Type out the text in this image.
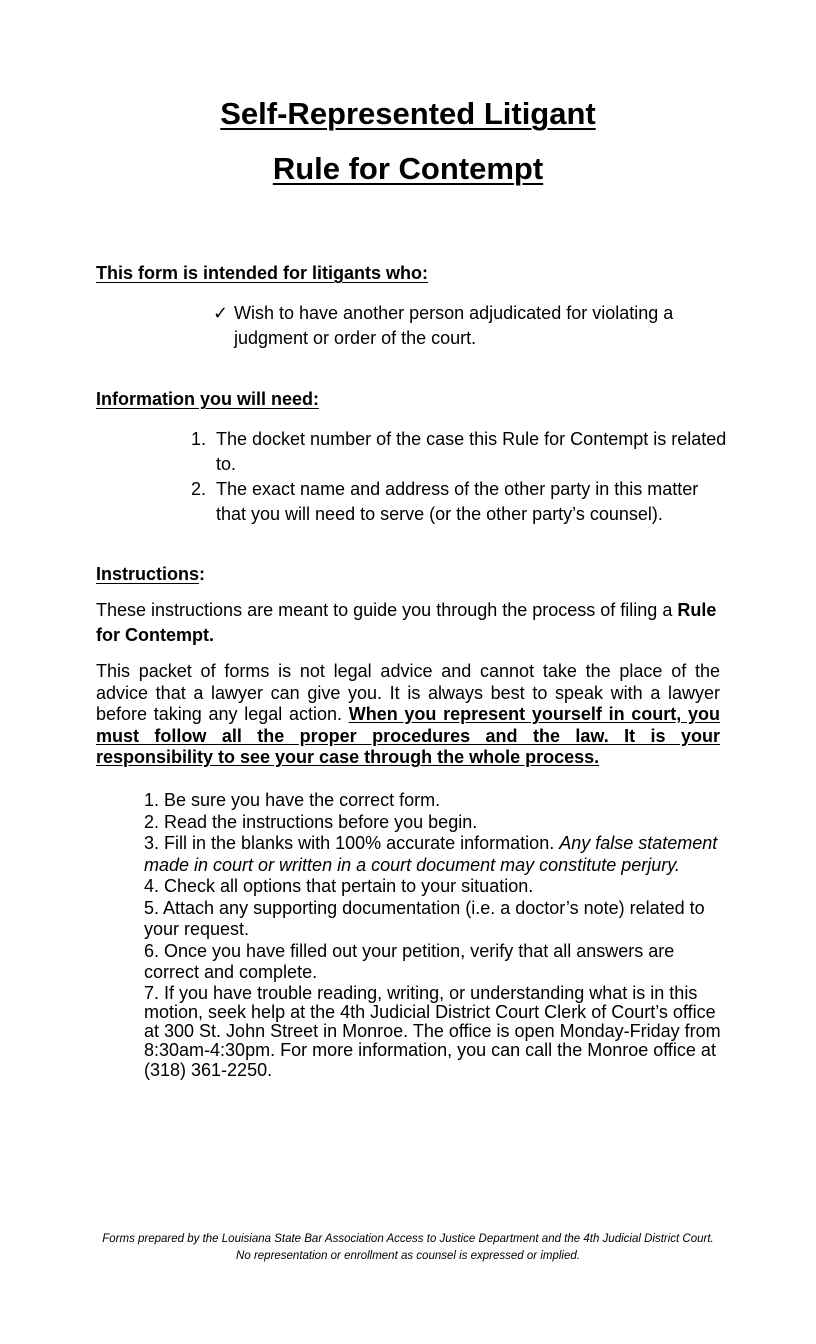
Self-Represented Litigant
Rule for Contempt
This form is intended for litigants who:
✓ Wish to have another person adjudicated for violating a judgment or order of the court.
Information you will need:
1. The docket number of the case this Rule for Contempt is related to.
2. The exact name and address of the other party in this matter that you will need to serve (or the other party’s counsel).
Instructions:

These instructions are meant to guide you through the process of filing a Rule for Contempt.

This packet of forms is not legal advice and cannot take the place of the advice that a lawyer can give you. It is always best to speak with a lawyer before taking any legal action. When you represent yourself in court, you must follow all the proper procedures and the law. It is your responsibility to see your case through the whole process.

1. Be sure you have the correct form.

2. Read the instructions before you begin.

3. Fill in the blanks with 100% accurate information. Any false statement made in court or written in a court document may constitute perjury.

4. Check all options that pertain to your situation.

5. Attach any supporting documentation (i.e. a doctor’s note) related to your request.

6. Once you have filled out your petition, verify that all answers are correct and complete.

7. If you have trouble reading, writing, or understanding what is in this motion, seek help at the 4th Judicial District Court Clerk of Court’s office at 300 St. John Street in Monroe. The office is open Monday-Friday from 8:30am-4:30pm. For more information, you can call the Monroe office at (318) 361-2250.

Forms prepared by the Louisiana State Bar Association Access to Justice Department and the 4th Judicial District Court. No representation or enrollment as counsel is expressed or implied.
